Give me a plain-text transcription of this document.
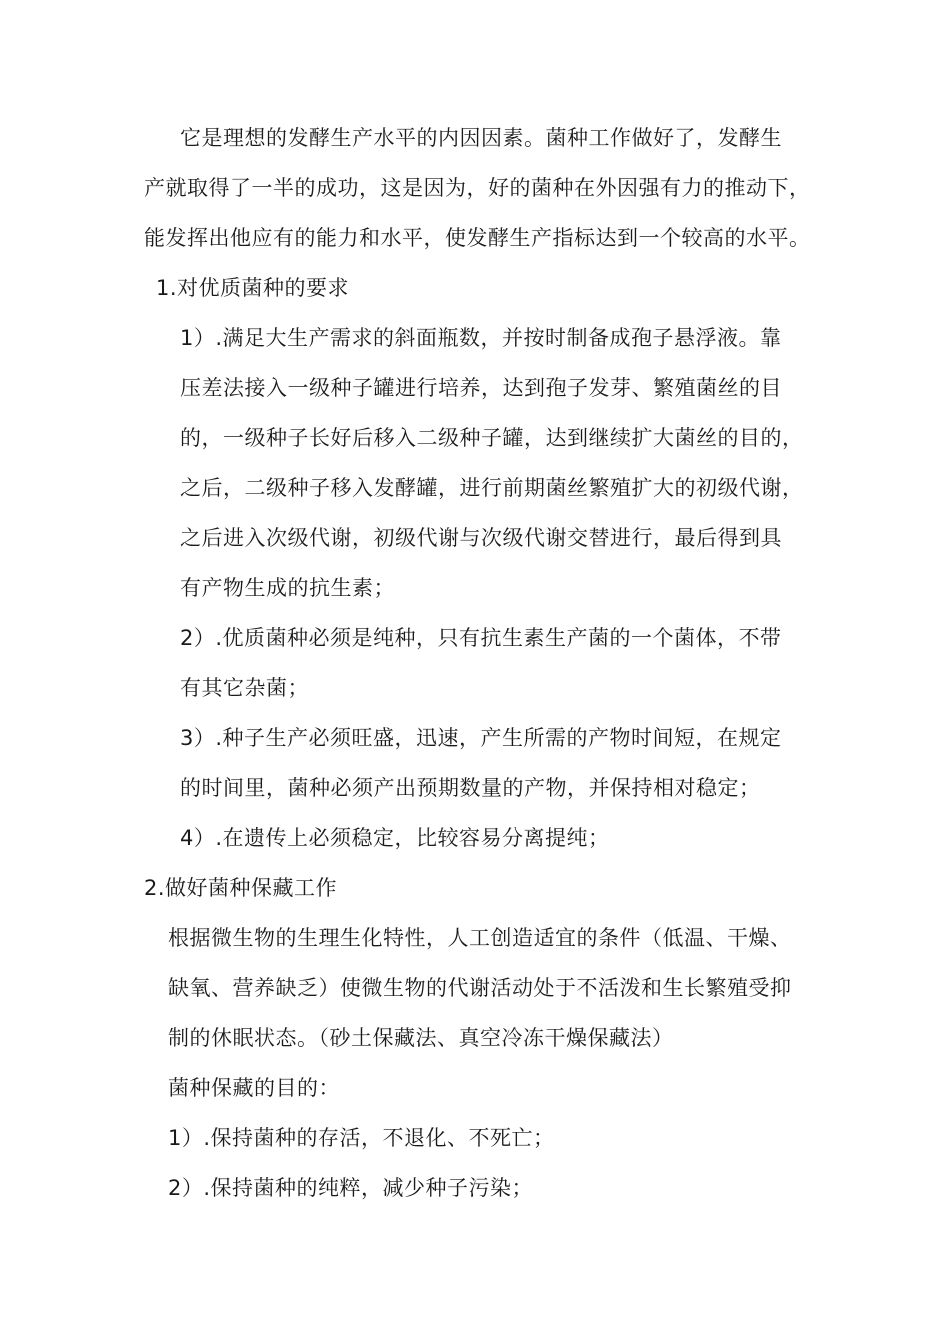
它是理想的发酵生产水平的内因因素。菌种工作做好了，发酵生
产就取得了一半的成功，这是因为，好的菌种在外因强有力的推动下，
能发挥出他应有的能力和水平，使发酵生产指标达到一个较高的水平。
1.对优质菌种的要求
1）.满足大生产需求的斜面瓶数，并按时制备成孢子悬浮液。靠
压差法接入一级种子罐进行培养，达到孢子发芽、繁殖菌丝的目
的，一级种子长好后移入二级种子罐，达到继续扩大菌丝的目的，
之后，二级种子移入发酵罐，进行前期菌丝繁殖扩大的初级代谢，
之后进入次级代谢，初级代谢与次级代谢交替进行，最后得到具
有产物生成的抗生素；
2）.优质菌种必须是纯种，只有抗生素生产菌的一个菌体，不带
有其它杂菌；
3）.种子生产必须旺盛，迅速，产生所需的产物时间短，在规定
的时间里，菌种必须产出预期数量的产物，并保持相对稳定；
4）.在遗传上必须稳定，比较容易分离提纯；
2.做好菌种保藏工作
根据微生物的生理生化特性，人工创造适宜的条件（低温、干燥、
缺氧、营养缺乏）使微生物的代谢活动处于不活泼和生长繁殖受抑
制的休眠状态。（砂土保藏法、真空冷冻干燥保藏法）
菌种保藏的目的：
1）.保持菌种的存活，不退化、不死亡；
2）.保持菌种的纯粹，减少种子污染；
